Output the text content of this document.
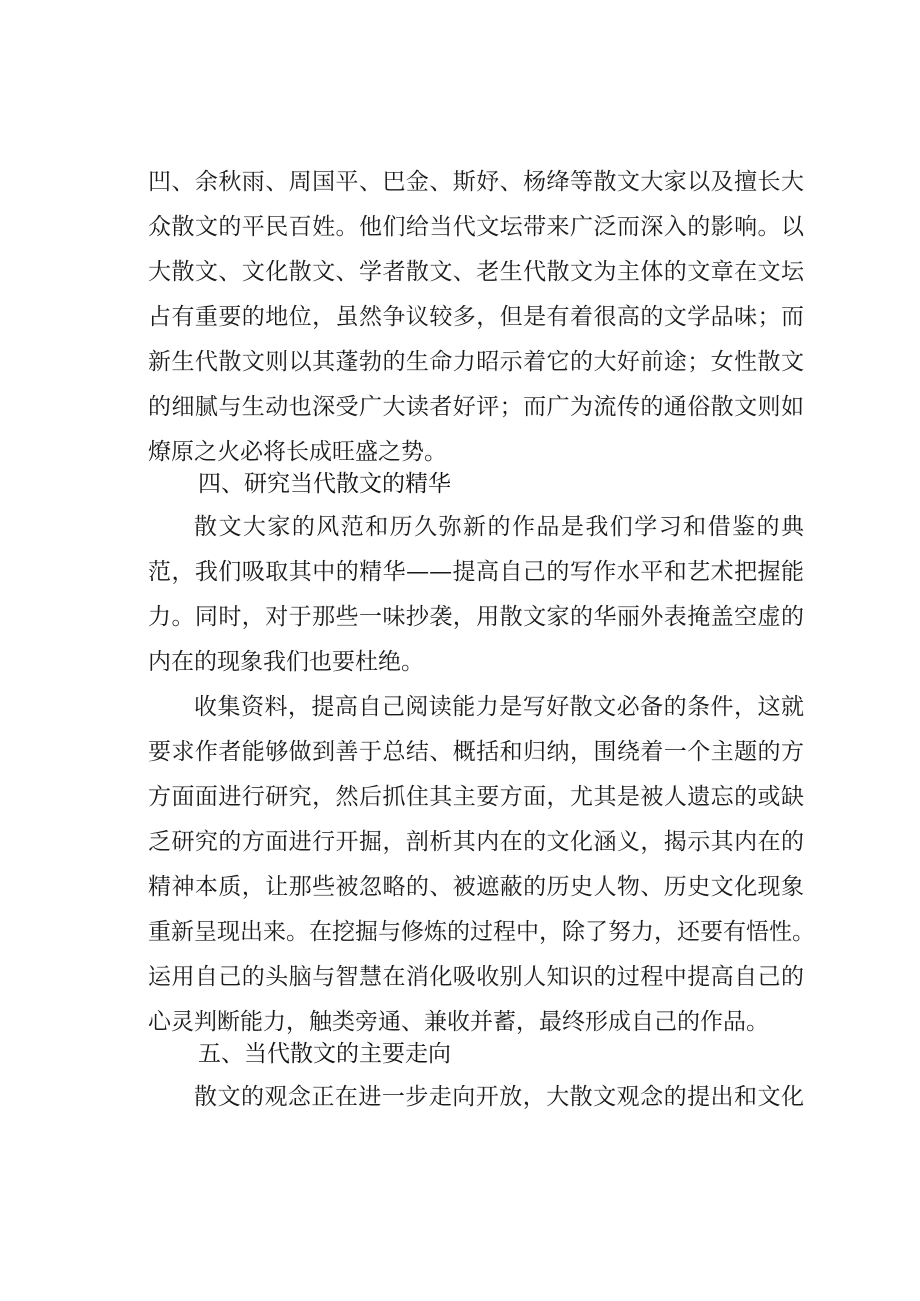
凹、余秋雨、周国平、巴金、斯妤、杨绛等散文大家以及擅长大
众散文的平民百姓。他们给当代文坛带来广泛而深入的影响。以
大散文、文化散文、学者散文、老生代散文为主体的文章在文坛
占有重要的地位，虽然争议较多，但是有着很高的文学品味；而
新生代散文则以其蓬勃的生命力昭示着它的大好前途；女性散文
的细腻与生动也深受广大读者好评；而广为流传的通俗散文则如
燎原之火必将长成旺盛之势。
四、研究当代散文的精华
散文大家的风范和历久弥新的作品是我们学习和借鉴的典
范，我们吸取其中的精华——提高自己的写作水平和艺术把握能
力。同时，对于那些一味抄袭，用散文家的华丽外表掩盖空虚的
内在的现象我们也要杜绝。
收集资料，提高自己阅读能力是写好散文必备的条件，这就
要求作者能够做到善于总结、概括和归纳，围绕着一个主题的方
方面面进行研究，然后抓住其主要方面，尤其是被人遗忘的或缺
乏研究的方面进行开掘，剖析其内在的文化涵义，揭示其内在的
精神本质，让那些被忽略的、被遮蔽的历史人物、历史文化现象
重新呈现出来。在挖掘与修炼的过程中，除了努力，还要有悟性。
运用自己的头脑与智慧在消化吸收别人知识的过程中提高自己的
心灵判断能力，触类旁通、兼收并蓄，最终形成自己的作品。
五、当代散文的主要走向
散文的观念正在进一步走向开放，大散文观念的提出和文化
